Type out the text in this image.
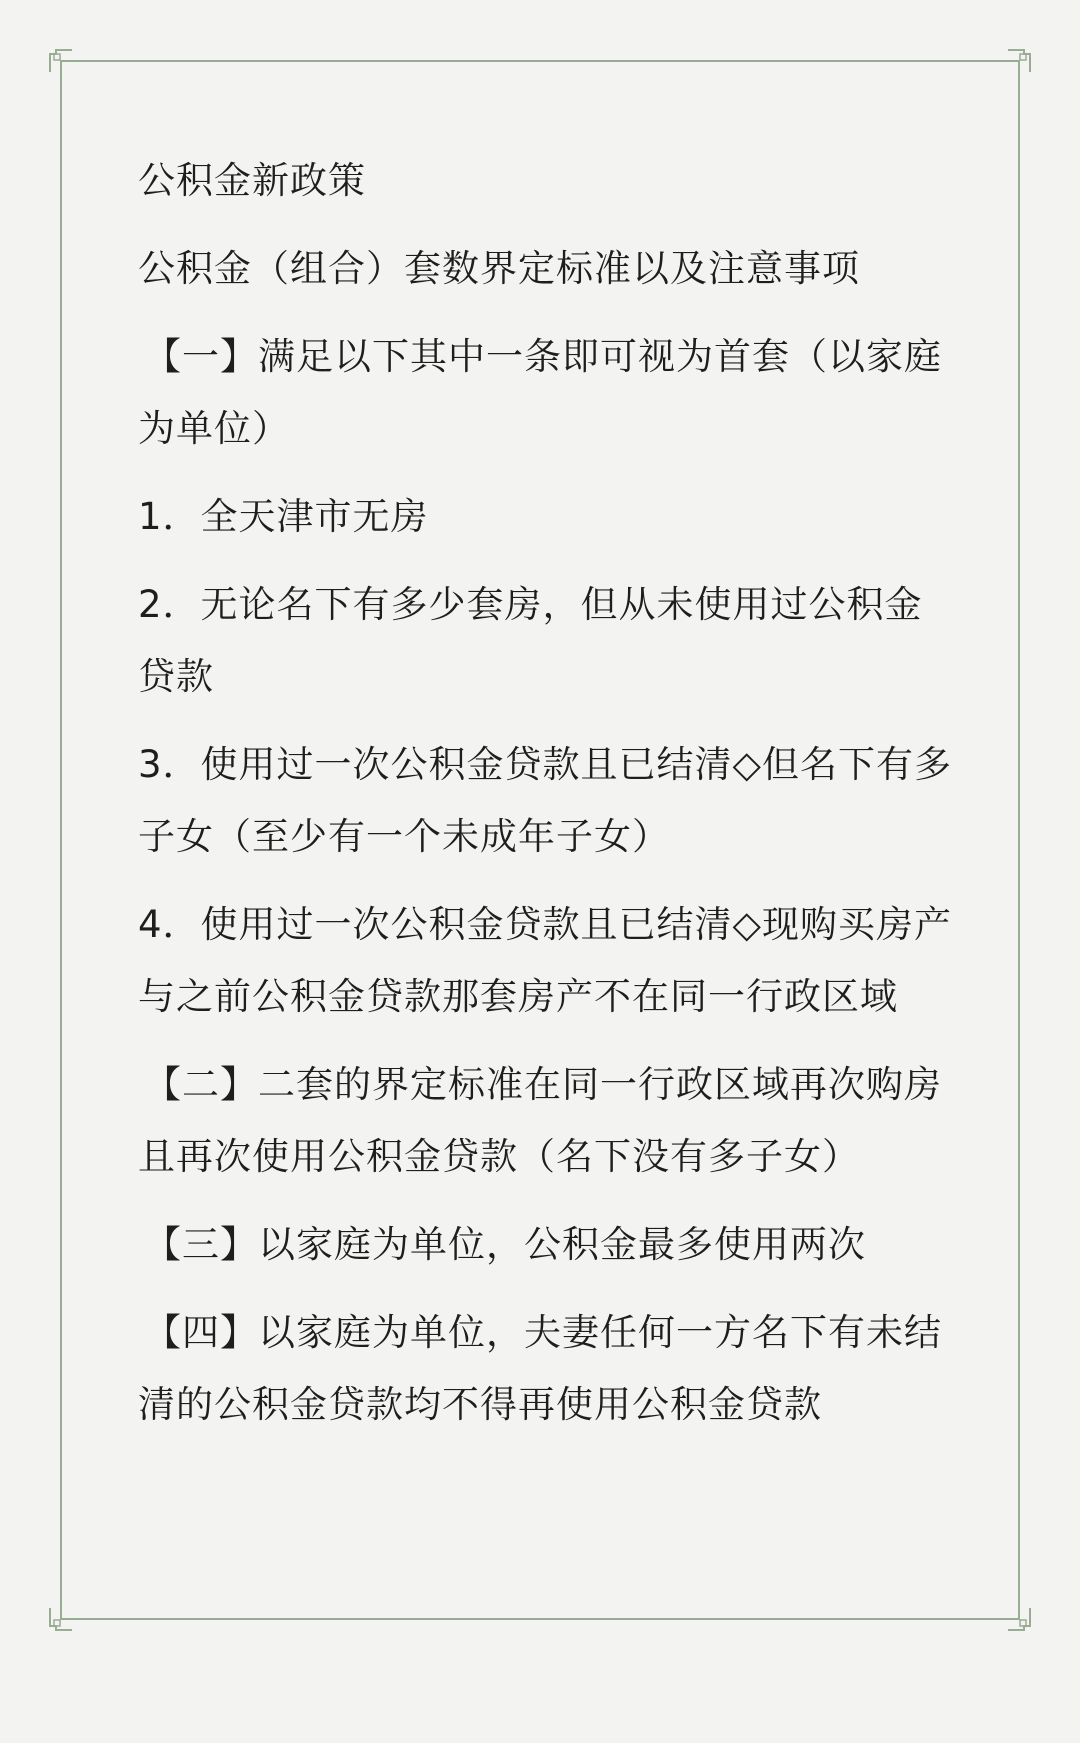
公积金新政策

公积金（组合）套数界定标准以及注意事项

【一】满足以下其中一条即可视为首套（以家庭为单位）

1．全天津市无房

2．无论名下有多少套房，但从未使用过公积金贷款

3．使用过一次公积金贷款且已结清◇但名下有多子女（至少有一个未成年子女）

4．使用过一次公积金贷款且已结清◇现购买房产与之前公积金贷款那套房产不在同一行政区域

【二】二套的界定标准在同一行政区域再次购房且再次使用公积金贷款（名下没有多子女）

【三】以家庭为单位，公积金最多使用两次

【四】以家庭为单位，夫妻任何一方名下有未结清的公积金贷款均不得再使用公积金贷款
